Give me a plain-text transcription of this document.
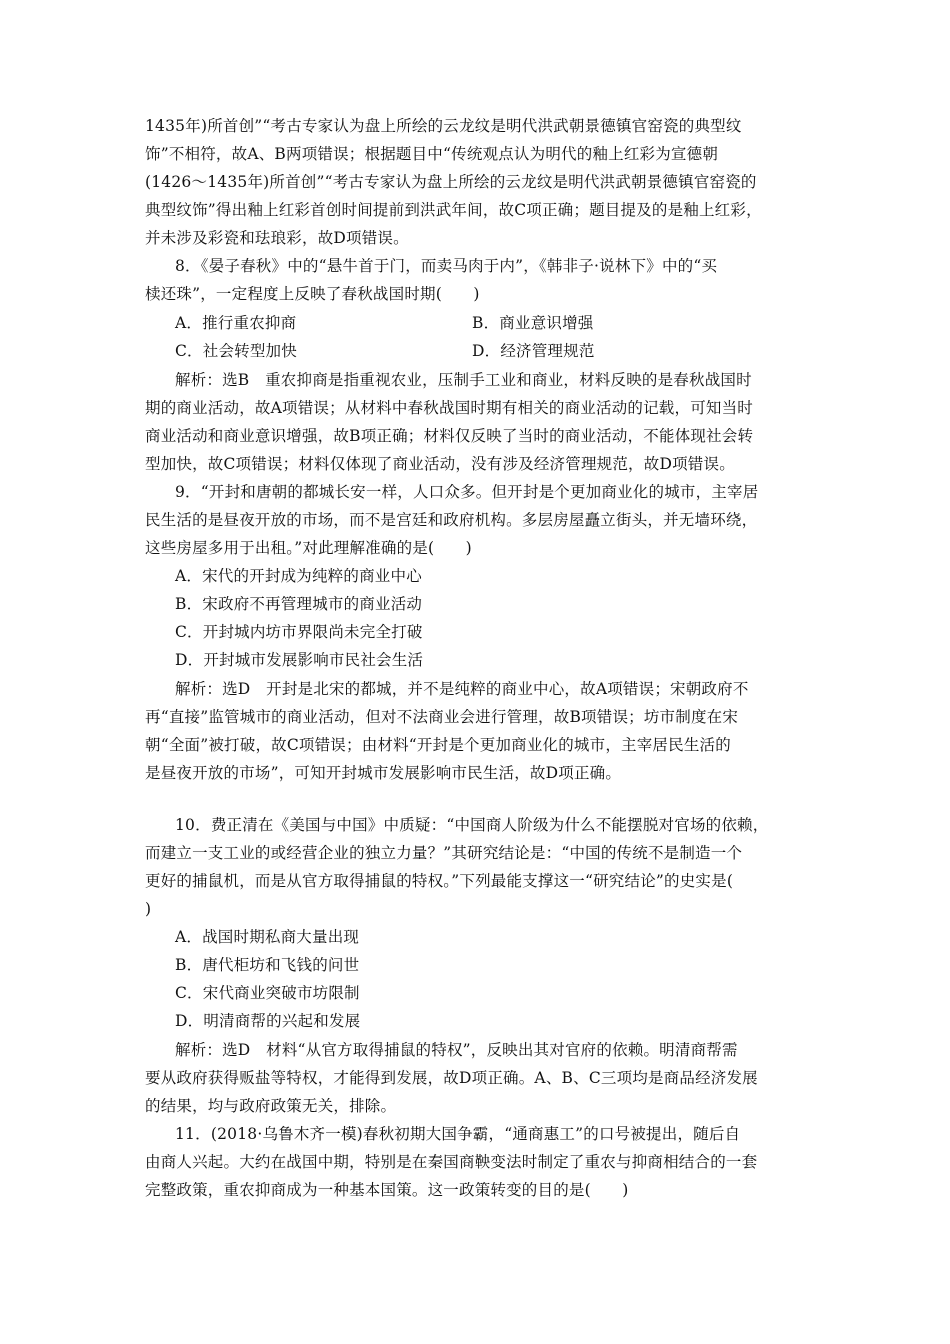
1435年)所首创”“考古专家认为盘上所绘的云龙纹是明代洪武朝景德镇官窑瓷的典型纹
饰”不相符，故A、B两项错误；根据题目中“传统观点认为明代的釉上红彩为宣德朝
(1426～1435年)所首创”“考古专家认为盘上所绘的云龙纹是明代洪武朝景德镇官窑瓷的
典型纹饰”得出釉上红彩首创时间提前到洪武年间，故C项正确；题目提及的是釉上红彩，
并未涉及彩瓷和珐琅彩，故D项错误。
8．《晏子春秋》中的“悬牛首于门，而卖马肉于内”，《韩非子·说林下》中的“买
椟还珠”，一定程度上反映了春秋战国时期(　　)
A．推行重农抑商	B．商业意识增强
C．社会转型加快	D．经济管理规范
解析：选B　重农抑商是指重视农业，压制手工业和商业，材料反映的是春秋战国时
期的商业活动，故A项错误；从材料中春秋战国时期有相关的商业活动的记载，可知当时
商业活动和商业意识增强，故B项正确；材料仅反映了当时的商业活动，不能体现社会转
型加快，故C项错误；材料仅体现了商业活动，没有涉及经济管理规范，故D项错误。
9．“开封和唐朝的都城长安一样，人口众多。但开封是个更加商业化的城市，主宰居
民生活的是昼夜开放的市场，而不是宫廷和政府机构。多层房屋矗立街头，并无墙环绕，
这些房屋多用于出租。”对此理解准确的是(　　)
A．宋代的开封成为纯粹的商业中心
B．宋政府不再管理城市的商业活动
C．开封城内坊市界限尚未完全打破
D．开封城市发展影响市民社会生活
解析：选D　开封是北宋的都城，并不是纯粹的商业中心，故A项错误；宋朝政府不
再“直接”监管城市的商业活动，但对不法商业会进行管理，故B项错误；坊市制度在宋
朝“全面”被打破，故C项错误；由材料“开封是个更加商业化的城市，主宰居民生活的
是昼夜开放的市场”，可知开封城市发展影响市民生活，故D项正确。
10．费正清在《美国与中国》中质疑：“中国商人阶级为什么不能摆脱对官场的依赖，
而建立一支工业的或经营企业的独立力量？”其研究结论是：“中国的传统不是制造一个
更好的捕鼠机，而是从官方取得捕鼠的特权。”下列最能支撑这一“研究结论”的史实是(
)
A．战国时期私商大量出现
B．唐代柜坊和飞钱的问世
C．宋代商业突破市坊限制
D．明清商帮的兴起和发展
解析：选D　材料“从官方取得捕鼠的特权”，反映出其对官府的依赖。明清商帮需
要从政府获得贩盐等特权，才能得到发展，故D项正确。A、B、C三项均是商品经济发展
的结果，均与政府政策无关，排除。
11．(2018·乌鲁木齐一模)春秋初期大国争霸，“通商惠工”的口号被提出，随后自
由商人兴起。大约在战国中期，特别是在秦国商鞅变法时制定了重农与抑商相结合的一套
完整政策，重农抑商成为一种基本国策。这一政策转变的目的是(　　)
